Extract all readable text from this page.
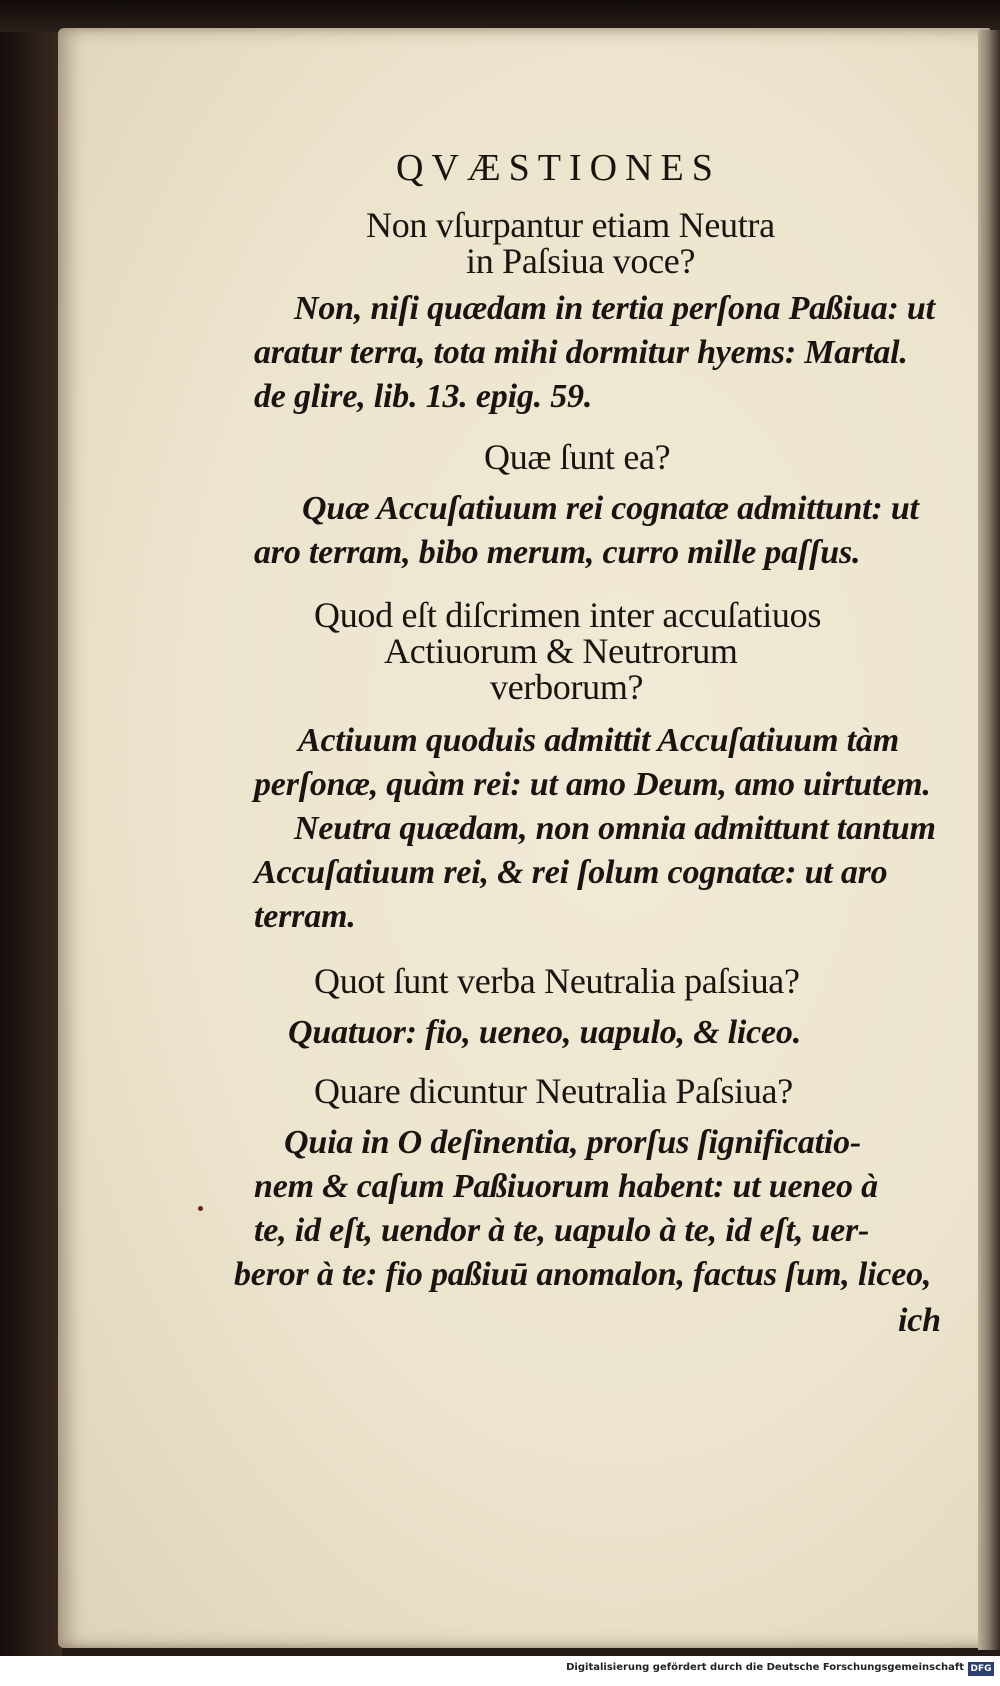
QVÆSTIONES

Non vſurpantur etiam Neutra

in Paſsiua voce?

Non, niſi quædam in tertia perſona Paßiua: ut

aratur terra, tota mihi dormitur hyems: Martal.

de glire, lib. 13. epig. 59.

Quæ ſunt ea?

Quæ Accuſatiuum rei cognatæ admittunt: ut

aro terram, bibo merum, curro mille paſſus.

Quod eſt diſcrimen inter accuſatiuos

Actiuorum & Neutrorum

verborum?

Actiuum quoduis admittit Accuſatiuum tàm

perſonæ, quàm rei: ut amo Deum, amo uirtutem.

Neutra quædam, non omnia admittunt tantum

Accuſatiuum rei, & rei ſolum cognatæ: ut aro

terram.

Quot ſunt verba Neutralia paſsiua?

Quatuor: fio, ueneo, uapulo, & liceo.

Quare dicuntur Neutralia Paſsiua?

Quia in O deſinentia, prorſus ſignificatio-

nem & caſum Paßiuorum habent: ut ueneo à

te, id eſt, uendor à te, uapulo à te, id eſt, uer-

beror à te: fio paßiuū anomalon, factus ſum, liceo,

ich

Digitalisierung gefördert durch die Deutsche Forschungsgemeinschaft DFG
